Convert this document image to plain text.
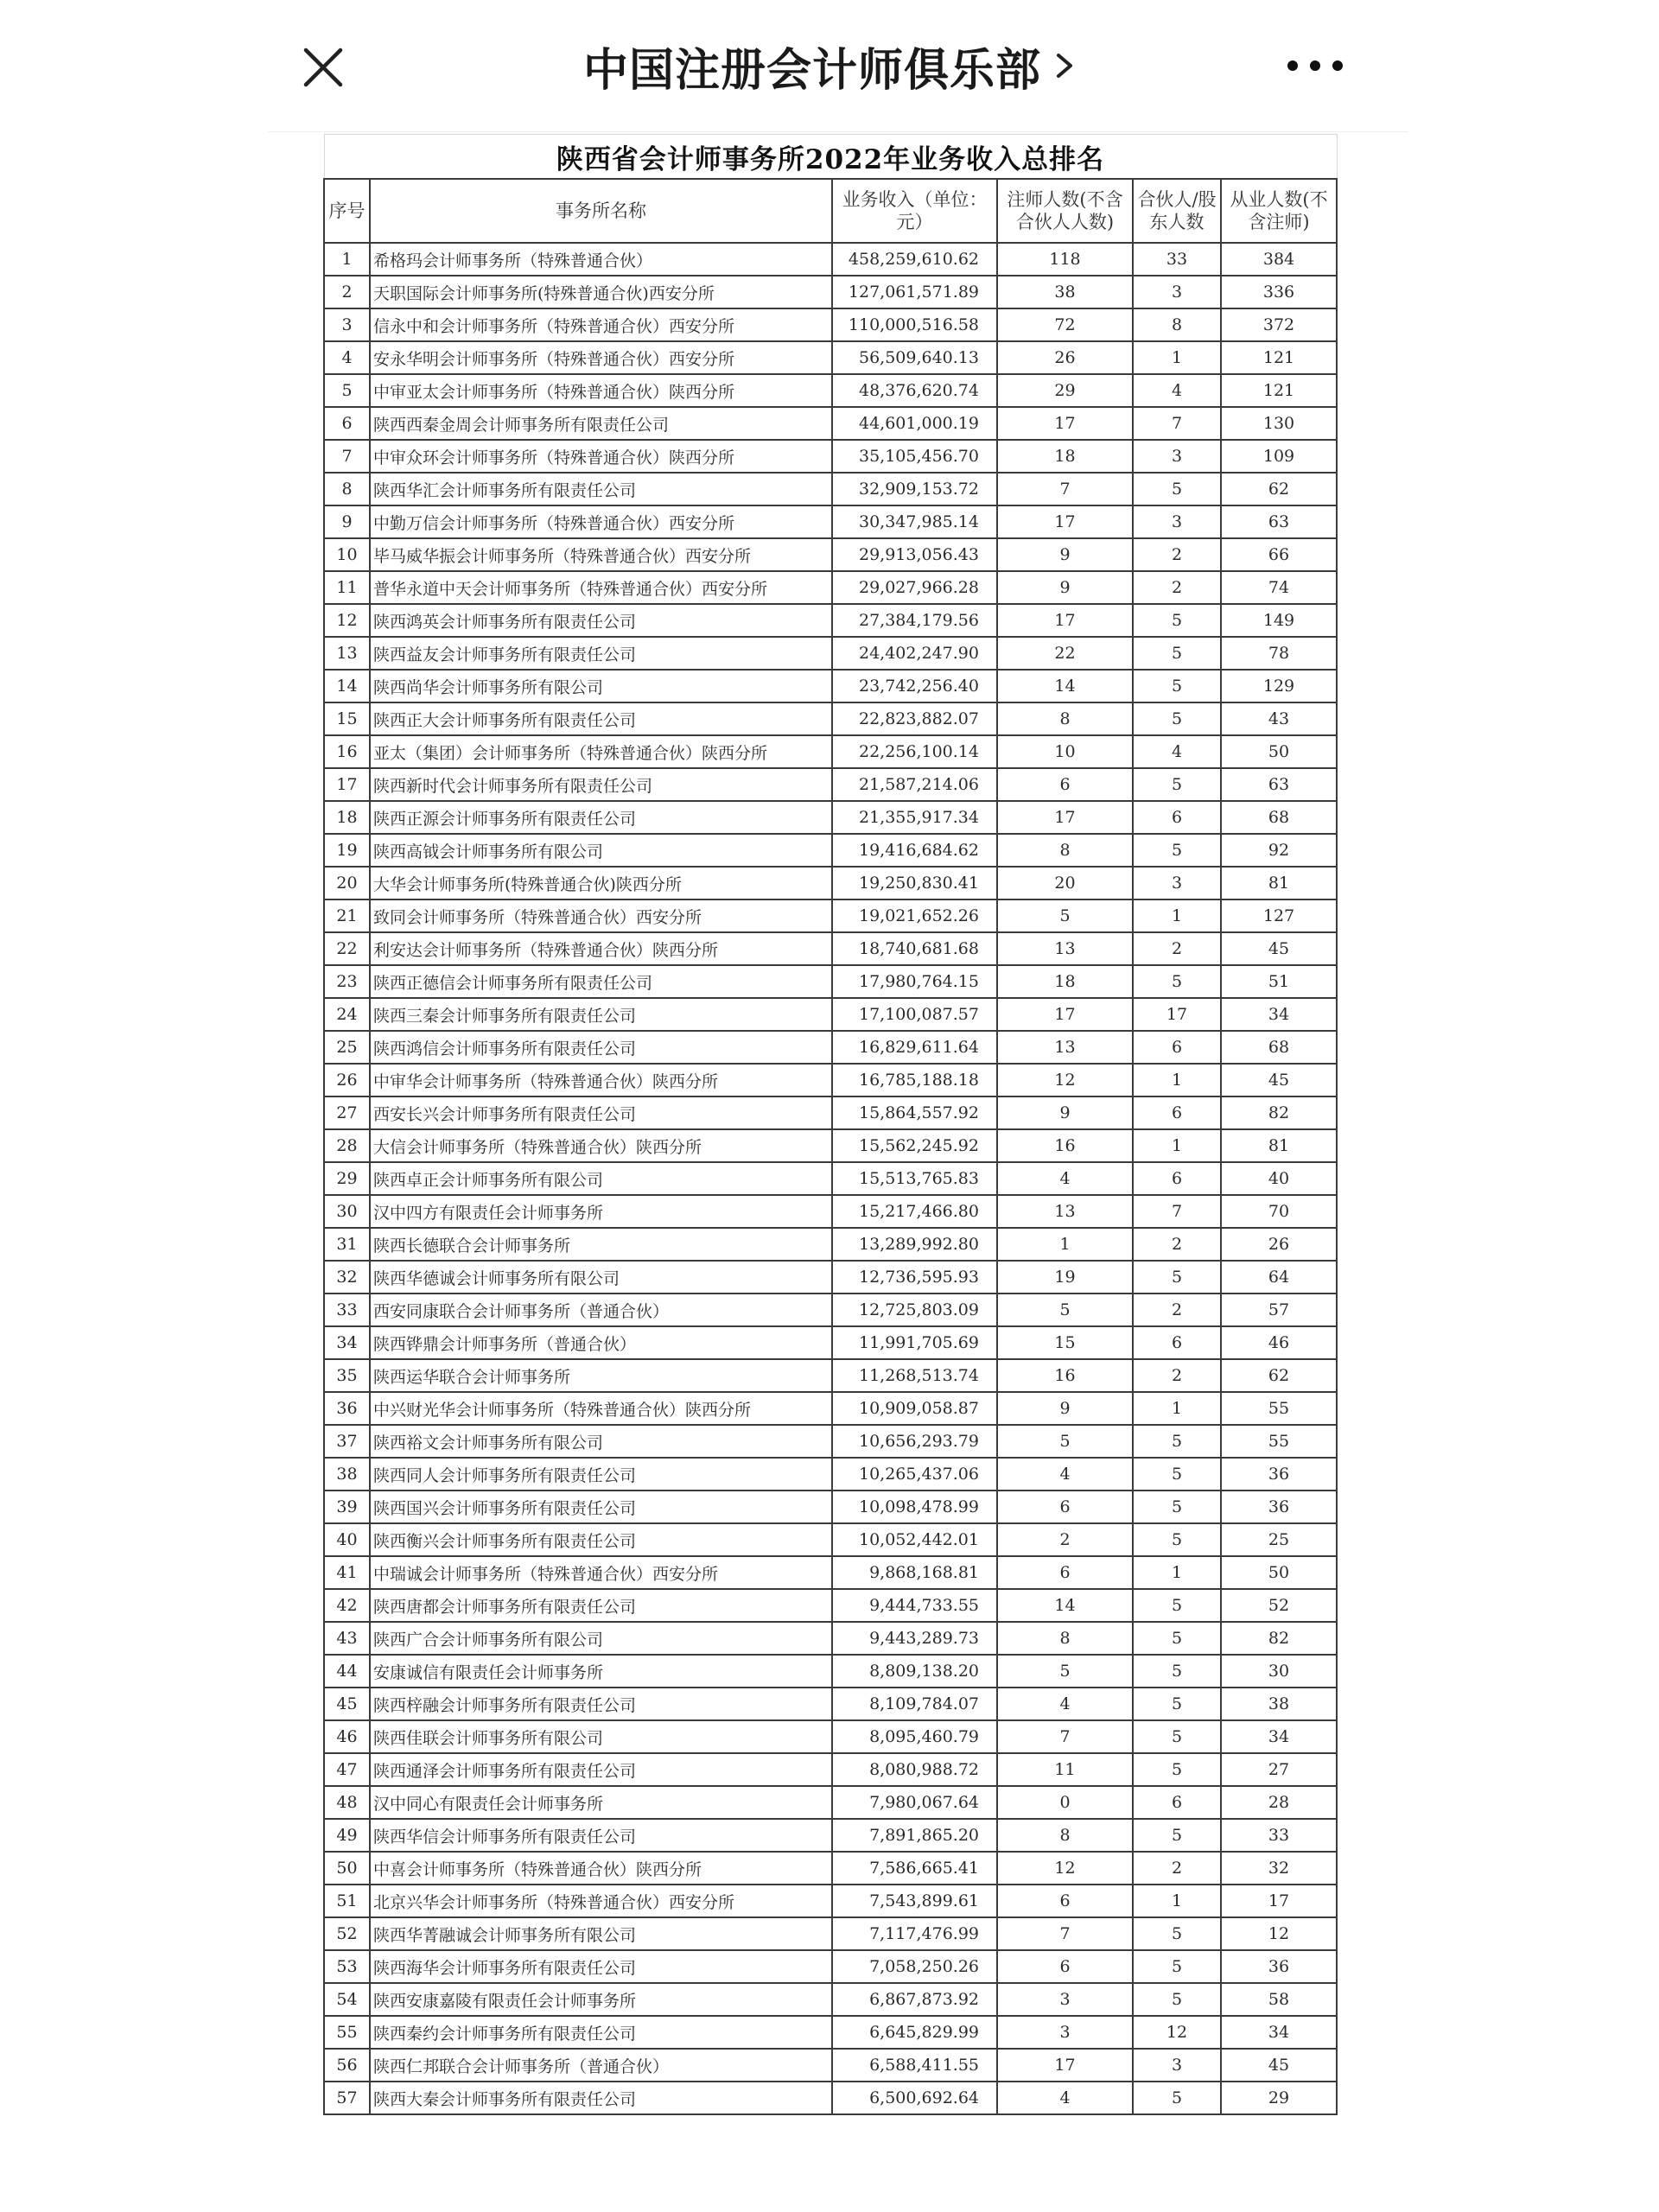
中国注册会计师俱乐部
陕西省会计师事务所2022年业务收入总排名					
序号	事务所名称	业务收入（单位：元）	注师人数(不含合伙人人数)	合伙人/股东人数	从业人数(不含注师)
1	希格玛会计师事务所（特殊普通合伙）	458,259,610.62	118	33	384
2	天职国际会计师事务所(特殊普通合伙)西安分所	127,061,571.89	38	3	336
3	信永中和会计师事务所（特殊普通合伙）西安分所	110,000,516.58	72	8	372
4	安永华明会计师事务所（特殊普通合伙）西安分所	56,509,640.13	26	1	121
5	中审亚太会计师事务所（特殊普通合伙）陕西分所	48,376,620.74	29	4	121
6	陕西西秦金周会计师事务所有限责任公司	44,601,000.19	17	7	130
7	中审众环会计师事务所（特殊普通合伙）陕西分所	35,105,456.70	18	3	109
8	陕西华汇会计师事务所有限责任公司	32,909,153.72	7	5	62
9	中勤万信会计师事务所（特殊普通合伙）西安分所	30,347,985.14	17	3	63
10	毕马威华振会计师事务所（特殊普通合伙）西安分所	29,913,056.43	9	2	66
11	普华永道中天会计师事务所（特殊普通合伙）西安分所	29,027,966.28	9	2	74
12	陕西鸿英会计师事务所有限责任公司	27,384,179.56	17	5	149
13	陕西益友会计师事务所有限责任公司	24,402,247.90	22	5	78
14	陕西尚华会计师事务所有限公司	23,742,256.40	14	5	129
15	陕西正大会计师事务所有限责任公司	22,823,882.07	8	5	43
16	亚太（集团）会计师事务所（特殊普通合伙）陕西分所	22,256,100.14	10	4	50
17	陕西新时代会计师事务所有限责任公司	21,587,214.06	6	5	63
18	陕西正源会计师事务所有限责任公司	21,355,917.34	17	6	68
19	陕西高钺会计师事务所有限公司	19,416,684.62	8	5	92
20	大华会计师事务所(特殊普通合伙)陕西分所	19,250,830.41	20	3	81
21	致同会计师事务所（特殊普通合伙）西安分所	19,021,652.26	5	1	127
22	利安达会计师事务所（特殊普通合伙）陕西分所	18,740,681.68	13	2	45
23	陕西正德信会计师事务所有限责任公司	17,980,764.15	18	5	51
24	陕西三秦会计师事务所有限责任公司	17,100,087.57	17	17	34
25	陕西鸿信会计师事务所有限责任公司	16,829,611.64	13	6	68
26	中审华会计师事务所（特殊普通合伙）陕西分所	16,785,188.18	12	1	45
27	西安长兴会计师事务所有限责任公司	15,864,557.92	9	6	82
28	大信会计师事务所（特殊普通合伙）陕西分所	15,562,245.92	16	1	81
29	陕西卓正会计师事务所有限公司	15,513,765.83	4	6	40
30	汉中四方有限责任会计师事务所	15,217,466.80	13	7	70
31	陕西长德联合会计师事务所	13,289,992.80	1	2	26
32	陕西华德诚会计师事务所有限公司	12,736,595.93	19	5	64
33	西安同康联合会计师事务所（普通合伙）	12,725,803.09	5	2	57
34	陕西铧鼎会计师事务所（普通合伙）	11,991,705.69	15	6	46
35	陕西运华联合会计师事务所	11,268,513.74	16	2	62
36	中兴财光华会计师事务所（特殊普通合伙）陕西分所	10,909,058.87	9	1	55
37	陕西裕文会计师事务所有限公司	10,656,293.79	5	5	55
38	陕西同人会计师事务所有限责任公司	10,265,437.06	4	5	36
39	陕西国兴会计师事务所有限责任公司	10,098,478.99	6	5	36
40	陕西衡兴会计师事务所有限责任公司	10,052,442.01	2	5	25
41	中瑞诚会计师事务所（特殊普通合伙）西安分所	9,868,168.81	6	1	50
42	陕西唐都会计师事务所有限责任公司	9,444,733.55	14	5	52
43	陕西广合会计师事务所有限公司	9,443,289.73	8	5	82
44	安康诚信有限责任会计师事务所	8,809,138.20	5	5	30
45	陕西梓融会计师事务所有限责任公司	8,109,784.07	4	5	38
46	陕西佳联会计师事务所有限公司	8,095,460.79	7	5	34
47	陕西通泽会计师事务所有限责任公司	8,080,988.72	11	5	27
48	汉中同心有限责任会计师事务所	7,980,067.64	0	6	28
49	陕西华信会计师事务所有限责任公司	7,891,865.20	8	5	33
50	中喜会计师事务所（特殊普通合伙）陕西分所	7,586,665.41	12	2	32
51	北京兴华会计师事务所（特殊普通合伙）西安分所	7,543,899.61	6	1	17
52	陕西华菁融诚会计师事务所有限公司	7,117,476.99	7	5	12
53	陕西海华会计师事务所有限责任公司	7,058,250.26	6	5	36
54	陕西安康嘉陵有限责任会计师事务所	6,867,873.92	3	5	58
55	陕西秦约会计师事务所有限责任公司	6,645,829.99	3	12	34
56	陕西仁邦联合会计师事务所（普通合伙）	6,588,411.55	17	3	45
57	陕西大秦会计师事务所有限责任公司	6,500,692.64	4	5	29
